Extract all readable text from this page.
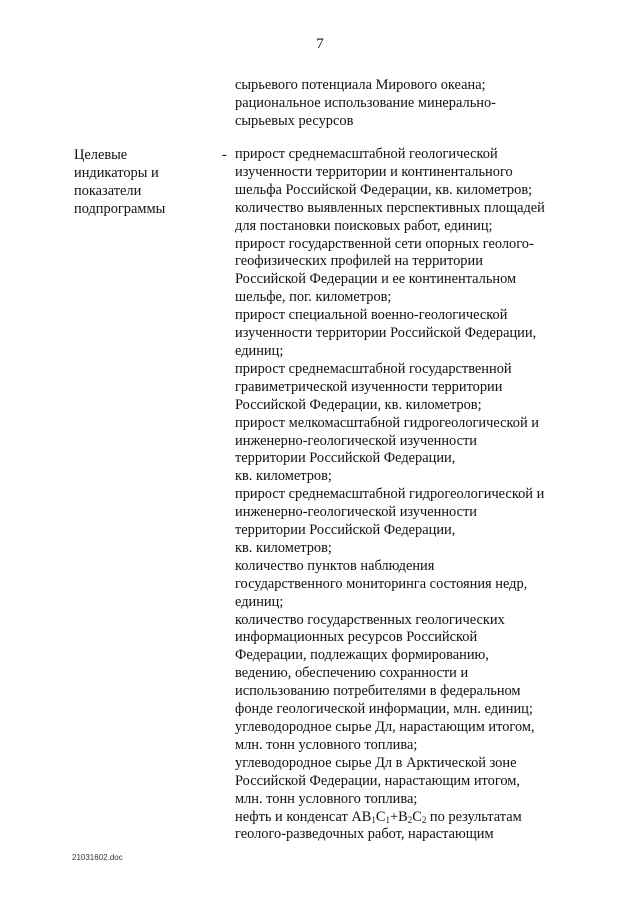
7
сырьевого потенциала Мирового океана;
рациональное использование минерально-
сырьевых ресурсов
Целевые
индикаторы и
показатели
подпрограммы
- прирост среднемасштабной геологической
изученности территории и континентального
шельфа Российской Федерации, кв. километров;
количество выявленных перспективных площадей
для постановки поисковых работ, единиц;
прирост государственной сети опорных геолого-
геофизических профилей на территории
Российской Федерации и ее континентальном
шельфе, пог. километров;
прирост специальной военно-геологической
изученности территории Российской Федерации,
единиц;
прирост среднемасштабной государственной
гравиметрической изученности территории
Российской Федерации, кв. километров;
прирост мелкомасштабной гидрогеологической и
инженерно-геологической изученности
территории Российской Федерации,
кв. километров;
прирост среднемасштабной гидрогеологической и
инженерно-геологической изученности
территории Российской Федерации,
кв. километров;
количество пунктов наблюдения
государственного мониторинга состояния недр,
единиц;
количество государственных геологических
информационных ресурсов Российской
Федерации, подлежащих формированию,
ведению, обеспечению сохранности и
использованию потребителями в федеральном
фонде геологической информации, млн. единиц;
углеводородное сырье Дл, нарастающим итогом,
млн. тонн условного топлива;
углеводородное сырье Дл в Арктической зоне
Российской Федерации, нарастающим итогом,
млн. тонн условного топлива;
нефть и конденсат $АВ_1С_1+В_2С_2$ по результатам
геолого-разведочных работ, нарастающим
21031602.doc
